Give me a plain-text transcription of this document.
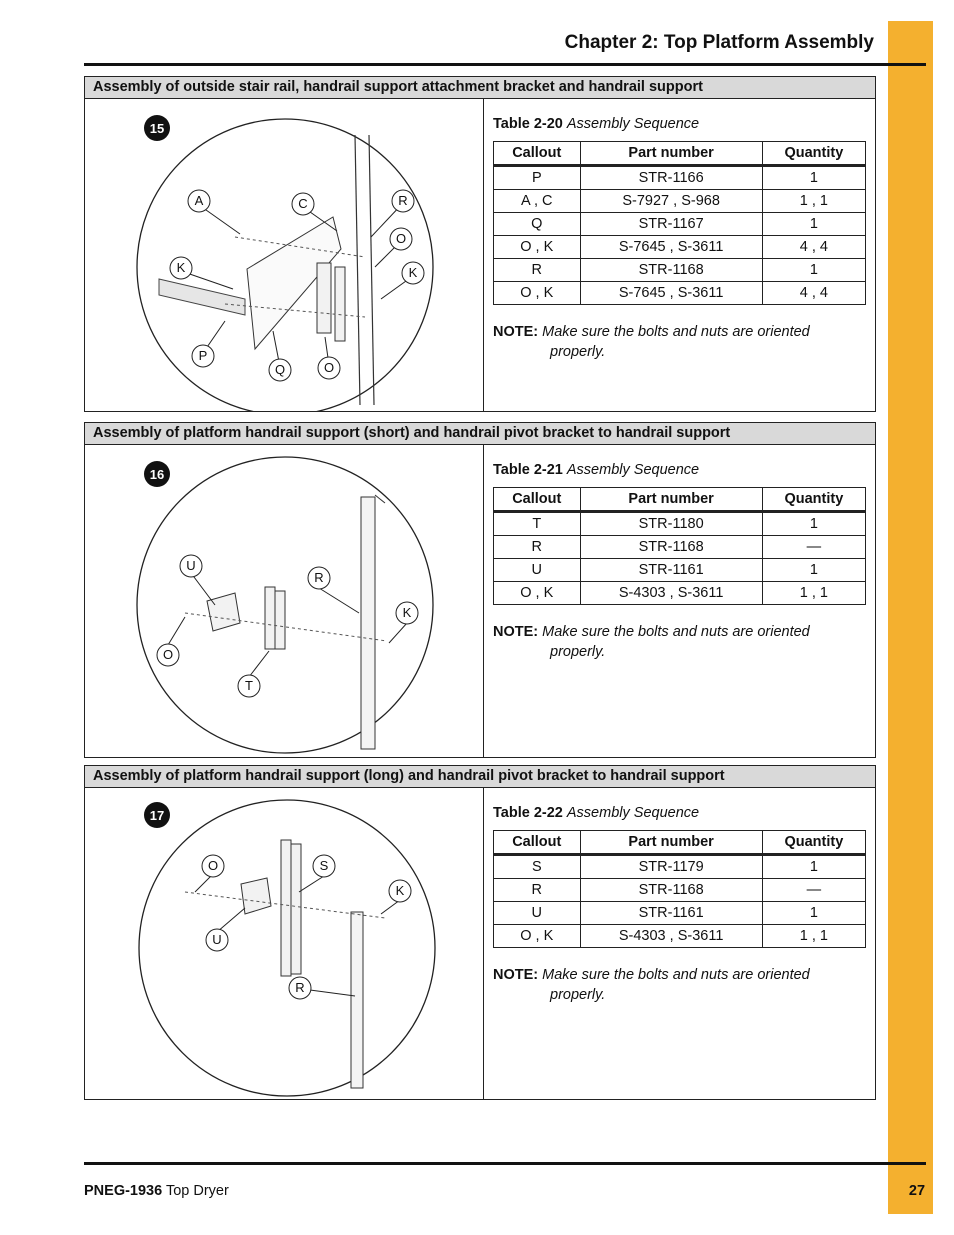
Chapter 2: Top Platform Assembly
Assembly of outside stair rail, handrail support attachment bracket and handrail support
15
A	C	R
O
K	K
P
Q	O
Table 2-20 Assembly Sequence
Callout	Part number	Quantity
P	STR-1166	1
A , C	S-7927 , S-968	1 , 1
Q	STR-1167	1
O , K	S-7645 , S-3611	4 , 4
R	STR-1168	1
O , K	S-7645 , S-3611	4 , 4
NOTE: Make sure the bolts and nuts are oriented
properly.
Assembly of platform handrail support (short) and handrail pivot bracket to handrail support
16
U
R
K
O
T
Table 2-21 Assembly Sequence
Callout	Part number	Quantity
T	STR-1180	1
R	STR-1168	—
U	STR-1161	1
O , K	S-4303 , S-3611	1 , 1
NOTE: Make sure the bolts and nuts are oriented
properly.
Assembly of platform handrail support (long) and handrail pivot bracket to handrail support
17
O	S
K
U
R
Table 2-22 Assembly Sequence
Callout	Part number	Quantity
S	STR-1179	1
R	STR-1168	—
U	STR-1161	1
O , K	S-4303 , S-3611	1 , 1
NOTE: Make sure the bolts and nuts are oriented
properly.
PNEG-1936 Top Dryer	27
